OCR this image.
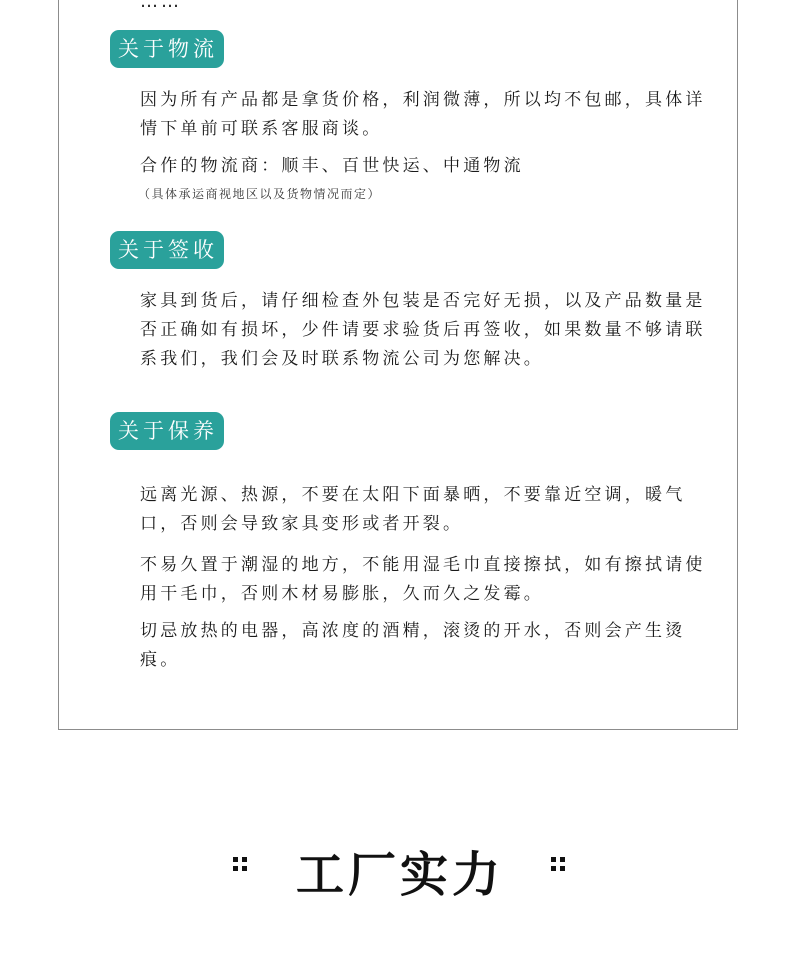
……
关于物流

因为所有产品都是拿货价格，利润微薄，所以均不包邮，具体详情下单前可联系客服商谈。

合作的物流商：顺丰、百世快运、中通物流

（具体承运商视地区以及货物情况而定）
关于签收

家具到货后，请仔细检查外包装是否完好无损，以及产品数量是否正确如有损坏，少件请要求验货后再签收，如果数量不够请联系我们，我们会及时联系物流公司为您解决。

关于保养

远离光源、热源，不要在太阳下面暴晒，不要靠近空调，暖气口，否则会导致家具变形或者开裂。

不易久置于潮湿的地方，不能用湿毛巾直接擦拭，如有擦拭请使用干毛巾，否则木材易膨胀，久而久之发霉。

切忌放热的电器，高浓度的酒精，滚烫的开水，否则会产生烫痕。

工厂实力
